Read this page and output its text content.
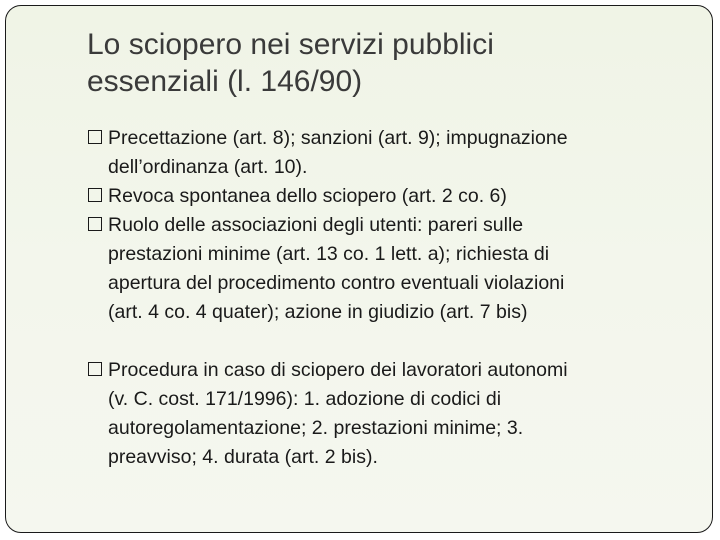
Lo sciopero nei servizi pubblici
essenziali (l. 146/90)
Precettazione (art. 8); sanzioni (art. 9); impugnazione
dell’ordinanza (art. 10).
Revoca spontanea dello sciopero (art. 2 co. 6)
Ruolo delle associazioni degli utenti: pareri sulle
prestazioni minime (art. 13 co. 1 lett. a); richiesta di
apertura del procedimento contro eventuali violazioni
(art. 4 co. 4 quater); azione in giudizio (art. 7 bis)
Procedura in caso di sciopero dei lavoratori autonomi
(v. C. cost. 171/1996): 1. adozione di codici di
autoregolamentazione; 2. prestazioni minime; 3.
preavviso; 4. durata (art. 2 bis).
